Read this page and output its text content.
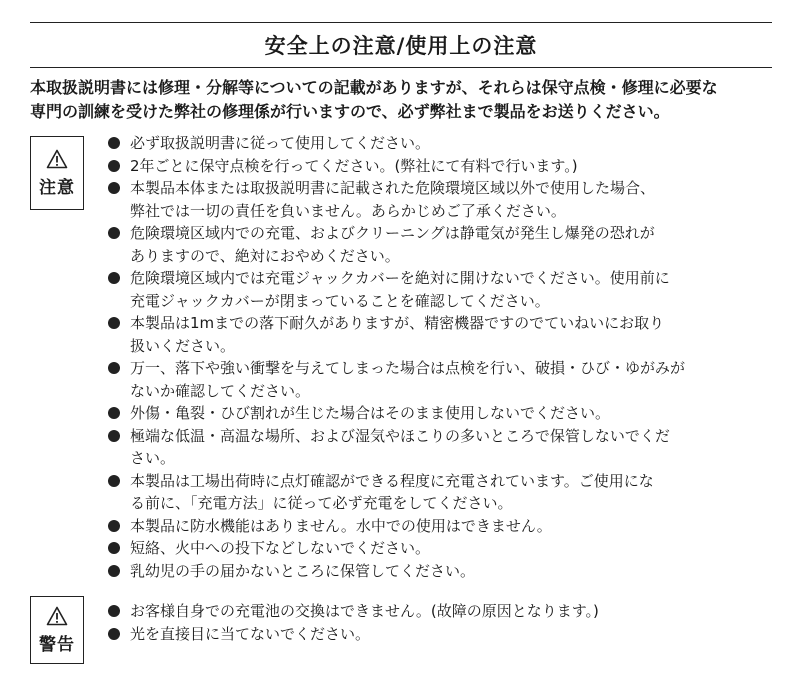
安全上の注意/使用上の注意

本取扱説明書には修理・分解等についての記載がありますが、それらは保守点検・修理に必要な

専門の訓練を受けた弊社の修理係が行いますので、必ず弊社まで製品をお送りください。

注意
必ず取扱説明書に従って使用してください。
2年ごとに保守点検を行ってください。(弊社にて有料で行います。)
本製品本体または取扱説明書に記載された危険環境区域以外で使用した場合、
弊社では一切の責任を負いません。あらかじめご了承ください。
危険環境区域内での充電、およびクリーニングは静電気が発生し爆発の恐れが
ありますので、絶対におやめください。
危険環境区域内では充電ジャックカバーを絶対に開けないでください。使用前に
充電ジャックカバーが閉まっていることを確認してください。
本製品は1mまでの落下耐久がありますが、精密機器ですのでていねいにお取り
扱いください。
万一、落下や強い衝撃を与えてしまった場合は点検を行い、破損・ひび・ゆがみが
ないか確認してください。
外傷・亀裂・ひび割れが生じた場合はそのまま使用しないでください。
極端な低温・高温な場所、および湿気やほこりの多いところで保管しないでくだ
さい。
本製品は工場出荷時に点灯確認ができる程度に充電されています。ご使用にな
る前に、「充電方法」に従って必ず充電をしてください。
本製品に防水機能はありません。水中での使用はできません。
短絡、火中への投下などしないでください。
乳幼児の手の届かないところに保管してください。
警告
お客様自身での充電池の交換はできません。(故障の原因となります。)
光を直接目に当てないでください。
